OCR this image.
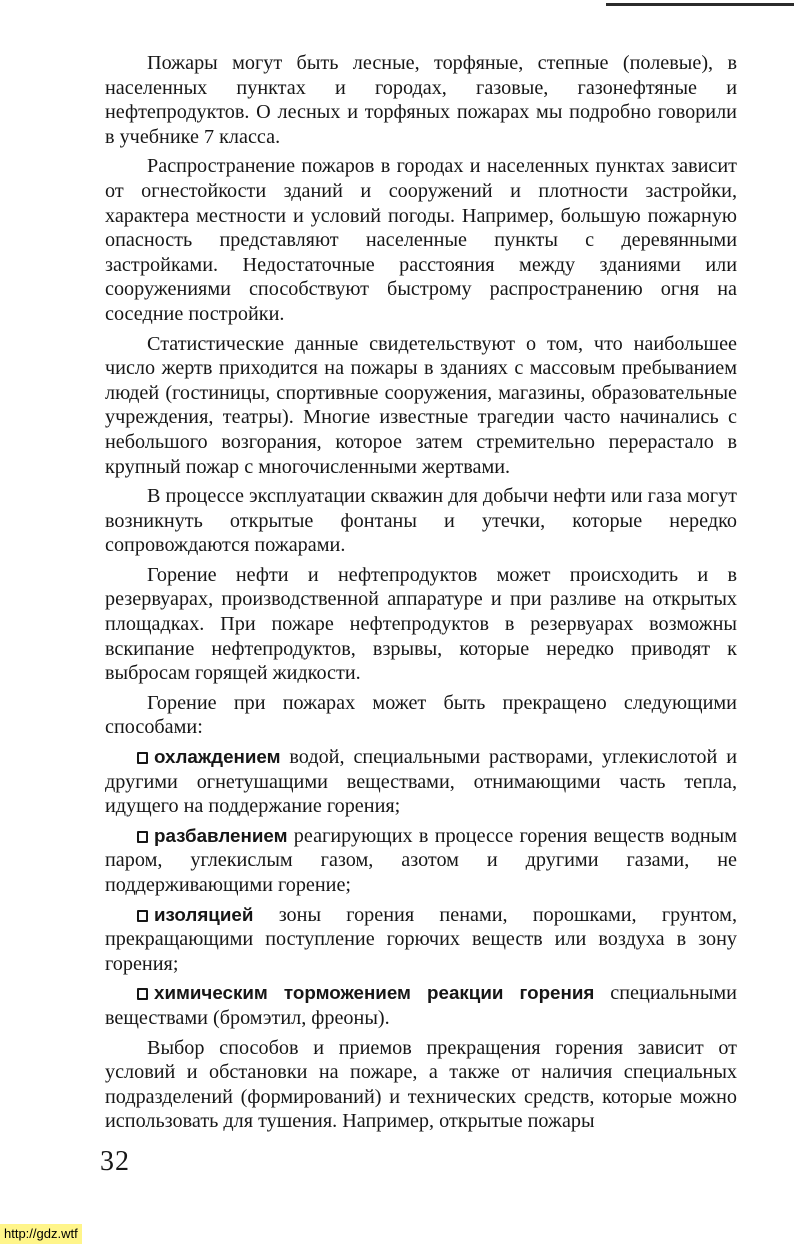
Пожары могут быть лесные, торфяные, степные (полевые), в населенных пунктах и городах, газовые, газонефтяные и нефтепродуктов. О лесных и торфяных пожарах мы подробно говорили в учебнике 7 класса.

Распространение пожаров в городах и населенных пунктах зависит от огнестойкости зданий и сооружений и плотности застройки, характера местности и условий погоды. Например, большую пожарную опасность представляют населенные пункты с деревянными застройками. Недостаточные расстояния между зданиями или сооружениями способствуют быстрому распространению огня на соседние постройки.

Статистические данные свидетельствуют о том, что наибольшее число жертв приходится на пожары в зданиях с массовым пребыванием людей (гостиницы, спортивные сооружения, магазины, образовательные учреждения, театры). Многие известные трагедии часто начинались с небольшого возгорания, которое затем стремительно перерастало в крупный пожар с многочисленными жертвами.

В процессе эксплуатации скважин для добычи нефти или газа могут возникнуть открытые фонтаны и утечки, которые нередко сопровождаются пожарами.

Горение нефти и нефтепродуктов может происходить и в резервуарах, производственной аппаратуре и при разливе на открытых площадках. При пожаре нефтепродуктов в резервуарах возможны вскипание нефтепродуктов, взрывы, которые нередко приводят к выбросам горящей жидкости.

Горение при пожарах может быть прекращено следующими способами:

охлаждением водой, специальными растворами, углекислотой и другими огнетушащими веществами, отнимающими часть тепла, идущего на поддержание горения;

разбавлением реагирующих в процессе горения веществ водным паром, углекислым газом, азотом и другими газами, не поддерживающими горение;

изоляцией зоны горения пенами, порошками, грунтом, прекращающими поступление горючих веществ или воздуха в зону горения;

химическим торможением реакции горения специальными веществами (бромэтил, фреоны).

Выбор способов и приемов прекращения горения зависит от условий и обстановки на пожаре, а также от наличия специальных подразделений (формирований) и технических средств, которые можно использовать для тушения. Например, открытые пожары

32
http://gdz.wtf
